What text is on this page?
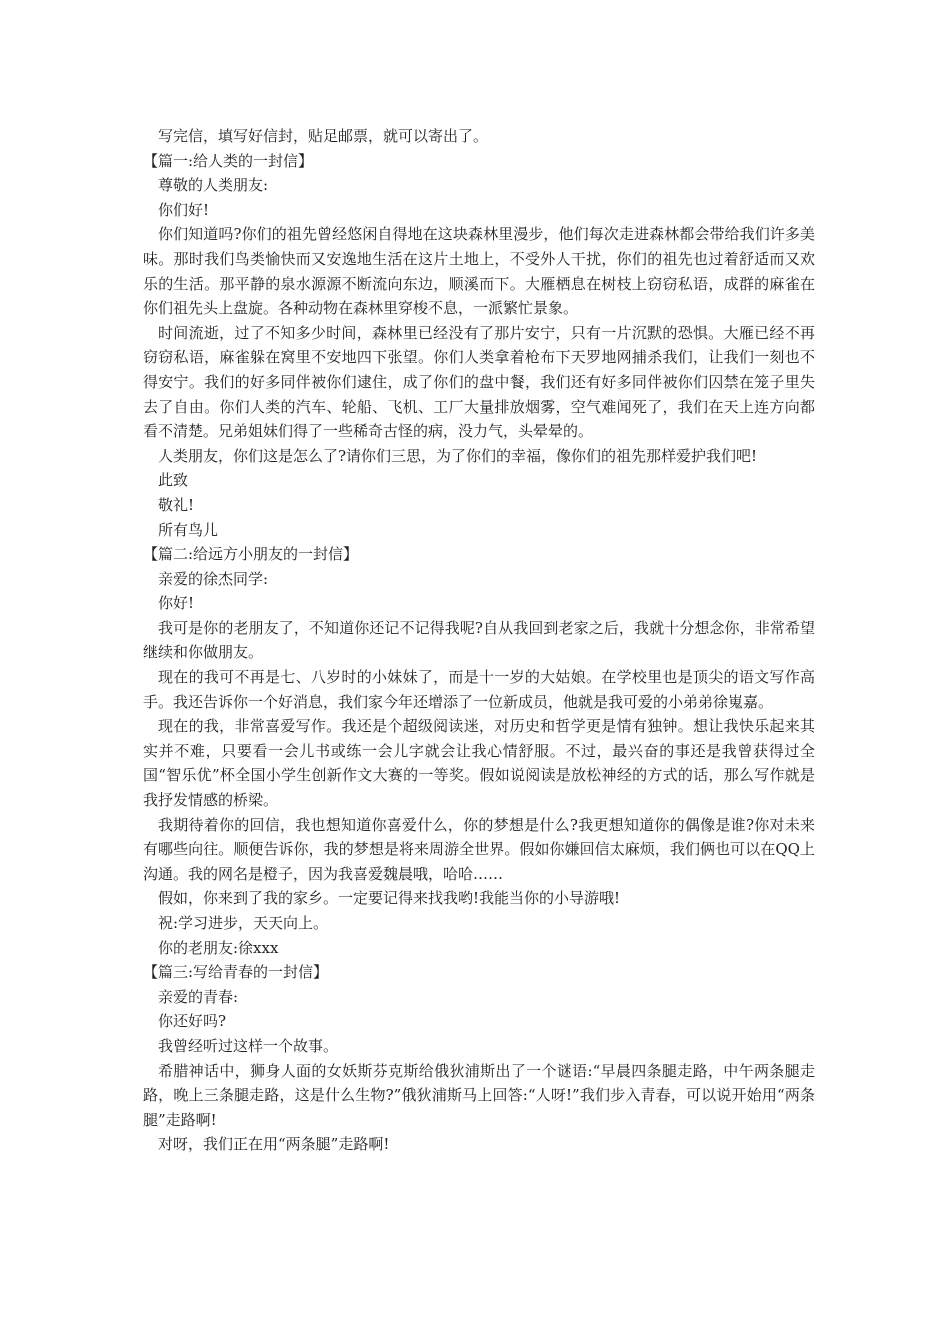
写完信，填写好信封，贴足邮票，就可以寄出了。

【篇一:给人类的一封信】

尊敬的人类朋友:

你们好!

你们知道吗?你们的祖先曾经悠闲自得地在这块森林里漫步，他们每次走进森林都会带给我们许多美味。那时我们鸟类愉快而又安逸地生活在这片土地上，不受外人干扰，你们的祖先也过着舒适而又欢乐的生活。那平静的泉水源源不断流向东边，顺溪而下。大雁栖息在树枝上窃窃私语，成群的麻雀在你们祖先头上盘旋。各种动物在森林里穿梭不息，一派繁忙景象。

时间流逝，过了不知多少时间，森林里已经没有了那片安宁，只有一片沉默的恐惧。大雁已经不再窃窃私语，麻雀躲在窝里不安地四下张望。你们人类拿着枪布下天罗地网捕杀我们，让我们一刻也不得安宁。我们的好多同伴被你们逮住，成了你们的盘中餐，我们还有好多同伴被你们囚禁在笼子里失去了自由。你们人类的汽车、轮船、飞机、工厂大量排放烟雾，空气难闻死了，我们在天上连方向都看不清楚。兄弟姐妹们得了一些稀奇古怪的病，没力气，头晕晕的。

人类朋友，你们这是怎么了?请你们三思，为了你们的幸福，像你们的祖先那样爱护我们吧!

此致

敬礼!

所有鸟儿

【篇二:给远方小朋友的一封信】

亲爱的徐杰同学:

你好!

我可是你的老朋友了，不知道你还记不记得我呢?自从我回到老家之后，我就十分想念你，非常希望继续和你做朋友。

现在的我可不再是七、八岁时的小妹妹了，而是十一岁的大姑娘。在学校里也是顶尖的语文写作高手。我还告诉你一个好消息，我们家今年还增添了一位新成员，他就是我可爱的小弟弟徐嵬嘉。

现在的我，非常喜爱写作。我还是个超级阅读迷，对历史和哲学更是情有独钟。想让我快乐起来其实并不难，只要看一会儿书或练一会儿字就会让我心情舒服。不过，最兴奋的事还是我曾获得过全国“智乐优”杯全国小学生创新作文大赛的一等奖。假如说阅读是放松神经的方式的话，那么写作就是我抒发情感的桥梁。

我期待着你的回信，我也想知道你喜爱什么，你的梦想是什么?我更想知道你的偶像是谁?你对未来有哪些向往。顺便告诉你，我的梦想是将来周游全世界。假如你嫌回信太麻烦，我们俩也可以在QQ上沟通。我的网名是橙子，因为我喜爱魏晨哦，哈哈……

假如，你来到了我的家乡。一定要记得来找我哟!我能当你的小导游哦!

祝:学习进步，天天向上。

你的老朋友:徐xxx

【篇三:写给青春的一封信】

亲爱的青春:

你还好吗?

我曾经听过这样一个故事。

希腊神话中，狮身人面的女妖斯芬克斯给俄狄浦斯出了一个谜语:“早晨四条腿走路，中午两条腿走路，晚上三条腿走路，这是什么生物?”俄狄浦斯马上回答:“人呀!”我们步入青春，可以说开始用“两条腿”走路啊!

对呀，我们正在用“两条腿”走路啊!
